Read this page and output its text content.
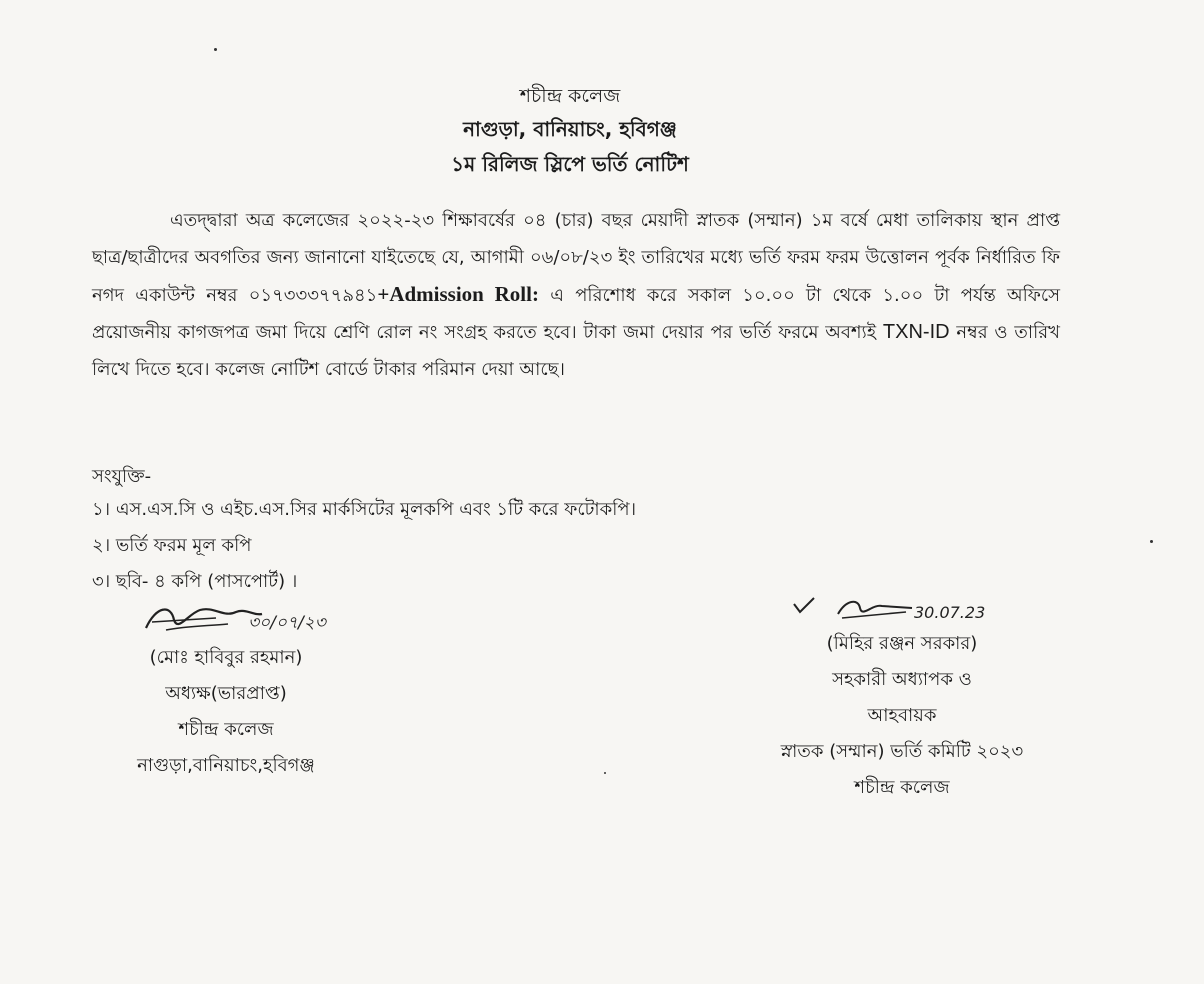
শচীন্দ্র কলেজ
নাগুড়া, বানিয়াচং, হবিগঞ্জ
১ম রিলিজ স্লিপে ভর্তি নোটিশ
এতদ্দ্বারা অত্র কলেজের ২০২২-২৩ শিক্ষাবর্ষের ০৪ (চার) বছর মেয়াদী স্নাতক (সম্মান) ১ম বর্ষে মেধা তালিকায় স্থান প্রাপ্ত ছাত্র/ছাত্রীদের অবগতির জন্য জানানো যাইতেছে যে, আগামী ০৬/০৮/২৩ ইং তারিখের মধ্যে ভর্তি ফরম ফরম উত্তোলন পূর্বক নির্ধারিত ফি নগদ একাউন্ট নম্বর ০১৭৩৩৩৭৭৯৪১+Admission Roll: এ পরিশোধ করে সকাল ১০.০০ টা থেকে ১.০০ টা পর্যন্ত অফিসে প্রয়োজনীয় কাগজপত্র জমা দিয়ে শ্রেণি রোল নং সংগ্রহ করতে হবে। টাকা জমা দেয়ার পর ভর্তি ফরমে অবশ্যই TXN-ID নম্বর ও তারিখ লিখে দিতে হবে। কলেজ নোটিশ বোর্ডে টাকার পরিমান দেয়া আছে।
সংযুক্তি-
১। এস.এস.সি ও এইচ.এস.সির মার্কসিটের মূলকপি এবং ১টি করে ফটোকপি।
২। ভর্তি ফরম মূল কপি
৩। ছবি- ৪ কপি (পাসপোর্ট) ।
৩০/০৭/২৩
(মোঃ হাবিবুর রহমান)
অধ্যক্ষ(ভারপ্রাপ্ত)
শচীন্দ্র কলেজ
নাগুড়া,বানিয়াচং,হবিগঞ্জ
30.07.23
(মিহির রঞ্জন সরকার)
সহকারী অধ্যাপক ও
আহবায়ক
স্নাতক (সম্মান) ভর্তি কমিটি ২০২৩
শচীন্দ্র কলেজ
